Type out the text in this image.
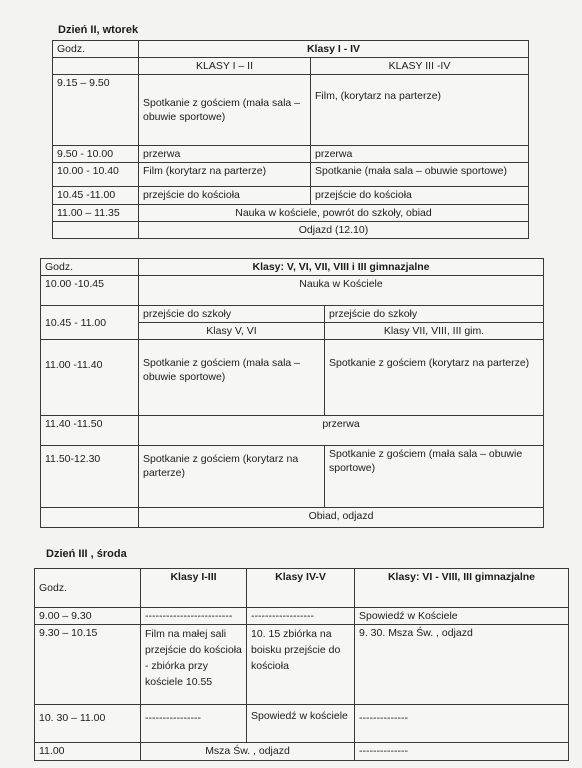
Dzień II, wtorek
Godz.	Klasy I - IV	
	KLASY I – II	KLASY III -IV
9.15 – 9.50	Spotkanie z gościem (mała sala – obuwie sportowe)	Film, (korytarz na parterze)
9.50 - 10.00	przerwa	przerwa
10.00 - 10.40	Film (korytarz na parterze)	Spotkanie (mała sala – obuwie sportowe)
10.45 -11.00	przejście do kościoła	przejście do kościoła
11.00 – 11.35	Nauka w kościele, powrót do szkoły, obiad	
	Odjazd (12.10)	
Godz.	Klasy: V, VI, VII, VIII i III gimnazjalne	
10.00 -10.45	Nauka w Kościele	
10.45 - 11.00	przejście do szkoły	przejście do szkoły
	Klasy V, VI	Klasy VII, VIII, III gim.
11.00 -11.40	Spotkanie z gościem (mała sala – obuwie sportowe)	Spotkanie z gościem (korytarz na parterze)
11.40 -11.50	przerwa	
11.50-12.30	Spotkanie z gościem (korytarz na parterze)	Spotkanie z gościem (mała sala – obuwie sportowe)
	Obiad, odjazd	
Dzień III , środa
Godz.	Klasy I-III	Klasy IV-V	Klasy: VI - VIII, III gimnazjalne
9.00 – 9.30	-------------------------	------------------	Spowiedź w Kościele
9.30 – 10.15	Film na małej sali przejście do kościoła - zbiórka przy kościele 10.55	10. 15 zbiórka na boisku przejście do kościoła	9. 30. Msza Św. , odjazd
10. 30 – 11.00	----------------	Spowiedź w kościele	--------------
11.00	Msza Św. , odjazd		--------------
